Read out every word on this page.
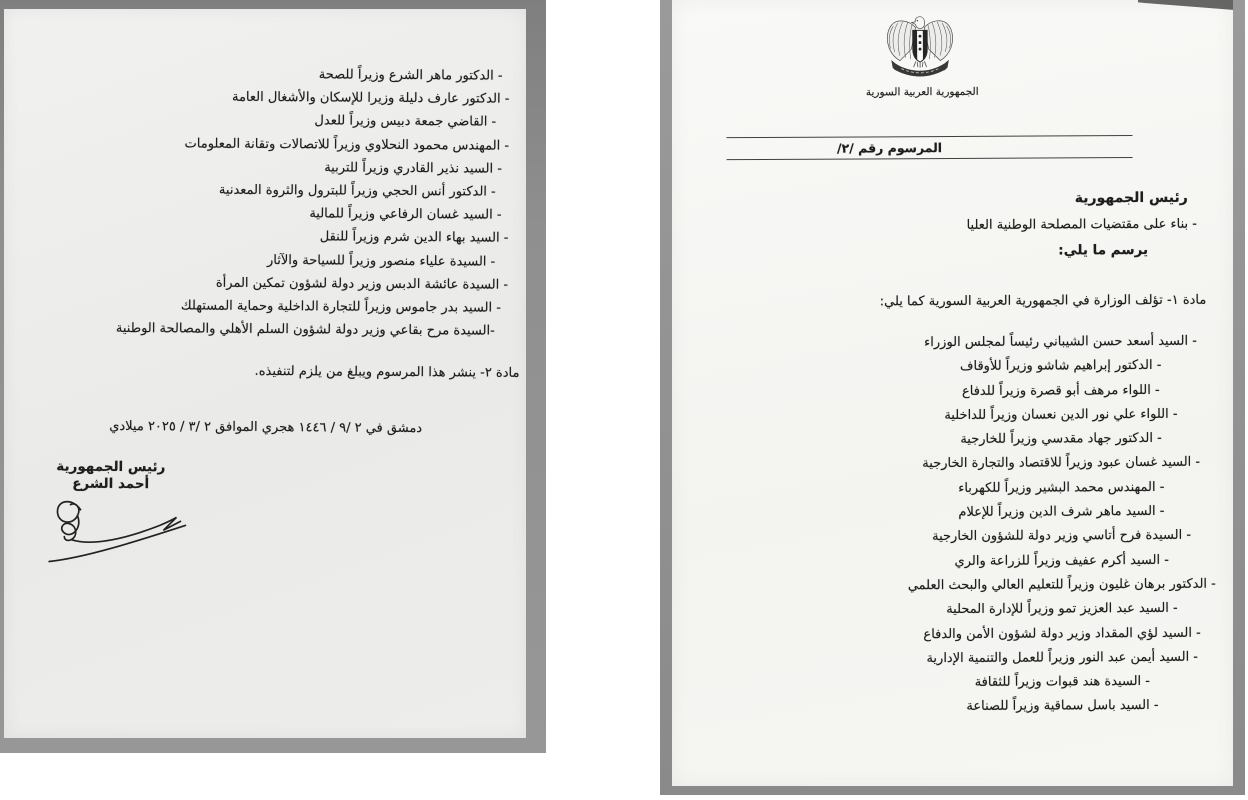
- الدكتور ماهر الشرع وزيراً للصحة
- الدكتور عارف دليلة وزيرا للإسكان والأشغال العامة
- القاضي جمعة دبيس وزيراً للعدل
- المهندس محمود النحلاوي وزيراً للاتصالات وتقانة المعلومات
- السيد نذير القادري وزيراً للتربية
- الدكتور أنس الحجي وزيراً للبترول والثروة المعدنية
- السيد غسان الرفاعي وزيراً للمالية
- السيد بهاء الدين شرم وزيراً للنقل
- السيدة علياء منصور وزيراً للسياحة والآثار
- السيدة عائشة الدبس وزير دولة لشؤون تمكين المرأة
- السيد بدر جاموس وزيراً للتجارة الداخلية وحماية المستهلك
-السيدة مرح بقاعي وزير دولة لشؤون السلم الأهلي والمصالحة الوطنية
مادة ٢- ينشر هذا المرسوم ويبلغ من يلزم لتنفيذه.
دمشق في ٢ /٩ / ١٤٤٦ هجري الموافق ٢ /٣ / ٢٠٢٥ ميلادي
رئيس الجمهورية
أحمد الشرع
الجمهورية العربية السورية
المرسوم رقم /٢/
رئيس الجمهورية
- بناء على مقتضيات المصلحة الوطنية العليا
يرسم ما يلي:
مادة ١- تؤلف الوزارة في الجمهورية العربية السورية كما يلي:
- السيد أسعد حسن الشيباني رئيساً لمجلس الوزراء
- الدكتور إبراهيم شاشو وزيراً للأوقاف
- اللواء مرهف أبو قصرة وزيراً للدفاع
- اللواء علي نور الدين نعسان وزيراً للداخلية
- الدكتور جهاد مقدسي وزيراً للخارجية
- السيد غسان عبود وزيراً للاقتصاد والتجارة الخارجية
- المهندس محمد البشير وزيراً للكهرباء
- السيد ماهر شرف الدين وزيراً للإعلام
- السيدة فرح أتاسي وزير دولة للشؤون الخارجية
- السيد أكرم عفيف وزيراً للزراعة والري
- الدكتور برهان غليون وزيراً للتعليم العالي والبحث العلمي
- السيد عبد العزيز تمو وزيراً للإدارة المحلية
- السيد لؤي المقداد وزير دولة لشؤون الأمن والدفاع
- السيد أيمن عبد النور وزيراً للعمل والتنمية الإدارية
- السيدة هند قبوات وزيراً للثقافة
- السيد باسل سماقية وزيراً للصناعة
